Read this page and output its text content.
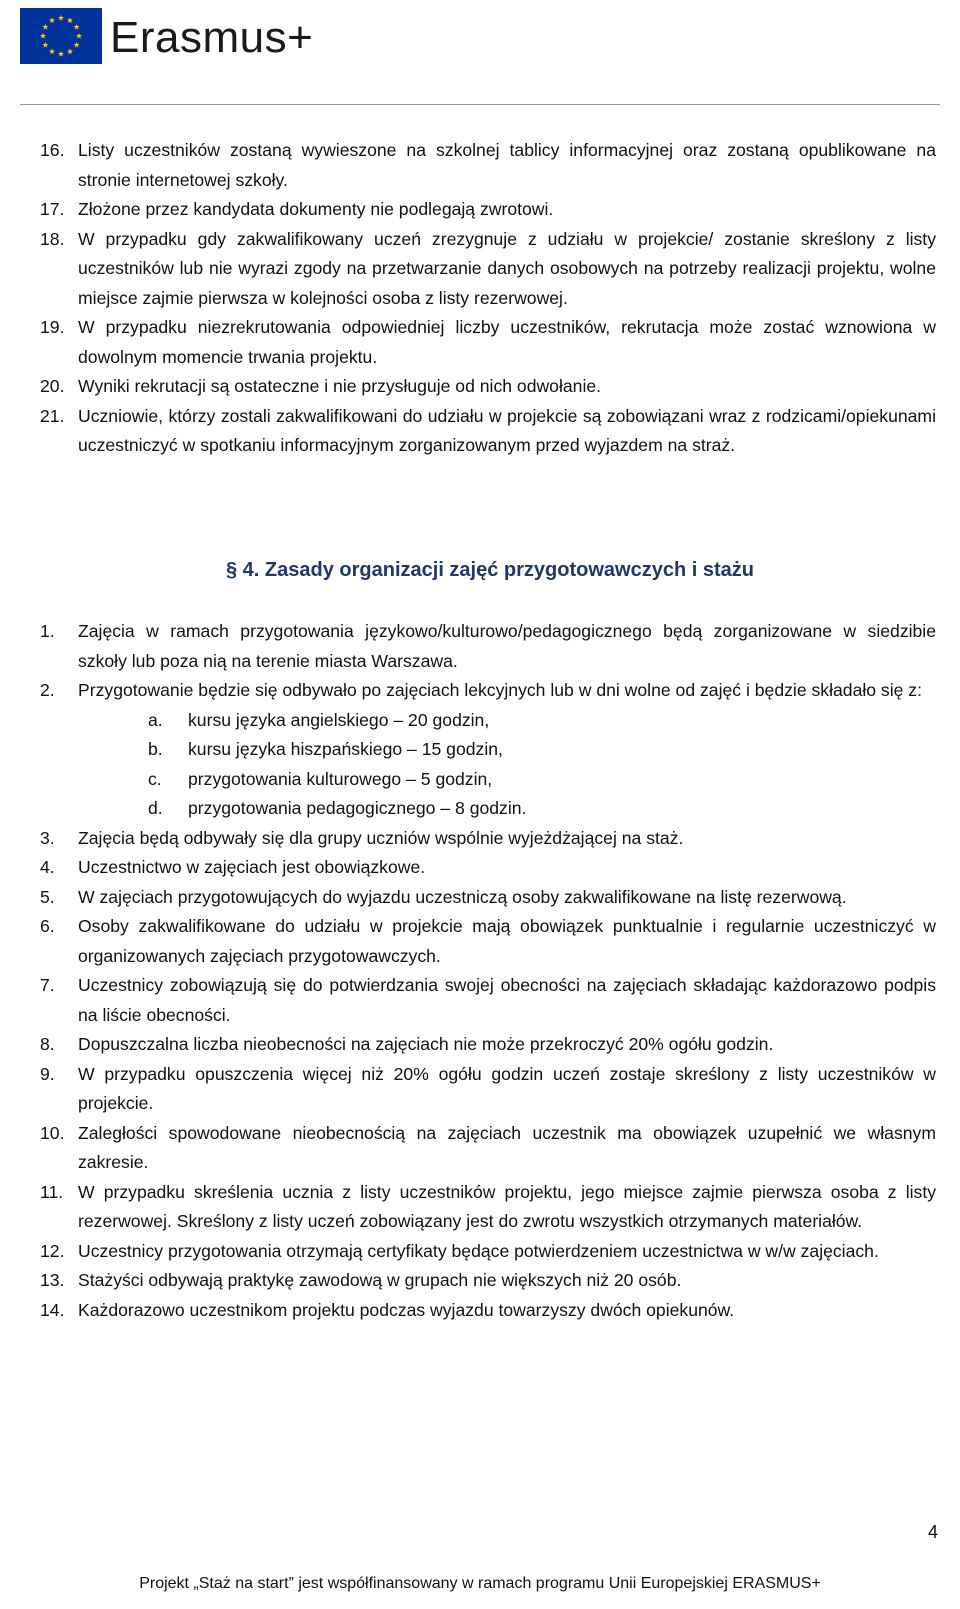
Erasmus+
16. Listy uczestników zostaną wywieszone na szkolnej tablicy informacyjnej oraz zostaną opublikowane na stronie internetowej szkoły.
17. Złożone przez kandydata dokumenty nie podlegają zwrotowi.
18. W przypadku gdy zakwalifikowany uczeń zrezygnuje z udziału w projekcie/ zostanie skreślony z listy uczestników lub nie wyrazi zgody na przetwarzanie danych osobowych na potrzeby realizacji projektu, wolne miejsce zajmie pierwsza w kolejności osoba z listy rezerwowej.
19. W przypadku niezrekrutowania odpowiedniej liczby uczestników, rekrutacja może zostać wznowiona w dowolnym momencie trwania projektu.
20. Wyniki rekrutacji są ostateczne i nie przysługuje od nich odwołanie.
21. Uczniowie, którzy zostali zakwalifikowani do udziału w projekcie są zobowiązani wraz z rodzicami/opiekunami uczestniczyć w spotkaniu informacyjnym zorganizowanym przed wyjazdem na straż.
§ 4. Zasady organizacji zajęć przygotowawczych i stażu
1. Zajęcia w ramach przygotowania językowo/kulturowo/pedagogicznego będą zorganizowane w siedzibie szkoły lub poza nią na terenie miasta Warszawa.
2. Przygotowanie będzie się odbywało po zajęciach lekcyjnych lub w dni wolne od zajęć i będzie składało się z:
a. kursu języka angielskiego – 20 godzin,
b. kursu języka hiszpańskiego – 15 godzin,
c. przygotowania kulturowego – 5 godzin,
d. przygotowania pedagogicznego – 8 godzin.
3. Zajęcia będą odbywały się dla grupy uczniów wspólnie wyjeżdżającej na staż.
4. Uczestnictwo w zajęciach jest obowiązkowe.
5. W zajęciach przygotowujących do wyjazdu uczestniczą osoby zakwalifikowane na listę rezerwową.
6. Osoby zakwalifikowane do udziału w projekcie mają obowiązek punktualnie i regularnie uczestniczyć w organizowanych zajęciach przygotowawczych.
7. Uczestnicy zobowiązują się do potwierdzania swojej obecności na zajęciach składając każdorazowo podpis na liście obecności.
8. Dopuszczalna liczba nieobecności na zajęciach nie może przekroczyć 20% ogółu godzin.
9. W przypadku opuszczenia więcej niż 20% ogółu godzin uczeń zostaje skreślony z listy uczestników w projekcie.
10. Zaległości spowodowane nieobecnością na zajęciach uczestnik ma obowiązek uzupełnić we własnym zakresie.
11. W przypadku skreślenia ucznia z listy uczestników projektu, jego miejsce zajmie pierwsza osoba z listy rezerwowej. Skreślony z listy uczeń zobowiązany jest do zwrotu wszystkich otrzymanych materiałów.
12. Uczestnicy przygotowania otrzymają certyfikaty będące potwierdzeniem uczestnictwa w w/w zajęciach.
13. Stażyści odbywają praktykę zawodową w grupach nie większych niż 20 osób.
14. Każdorazowo uczestnikom projektu podczas wyjazdu towarzyszy dwóch opiekunów.
4
Projekt „Staż na start” jest współfinansowany w ramach programu Unii Europejskiej ERASMUS+
